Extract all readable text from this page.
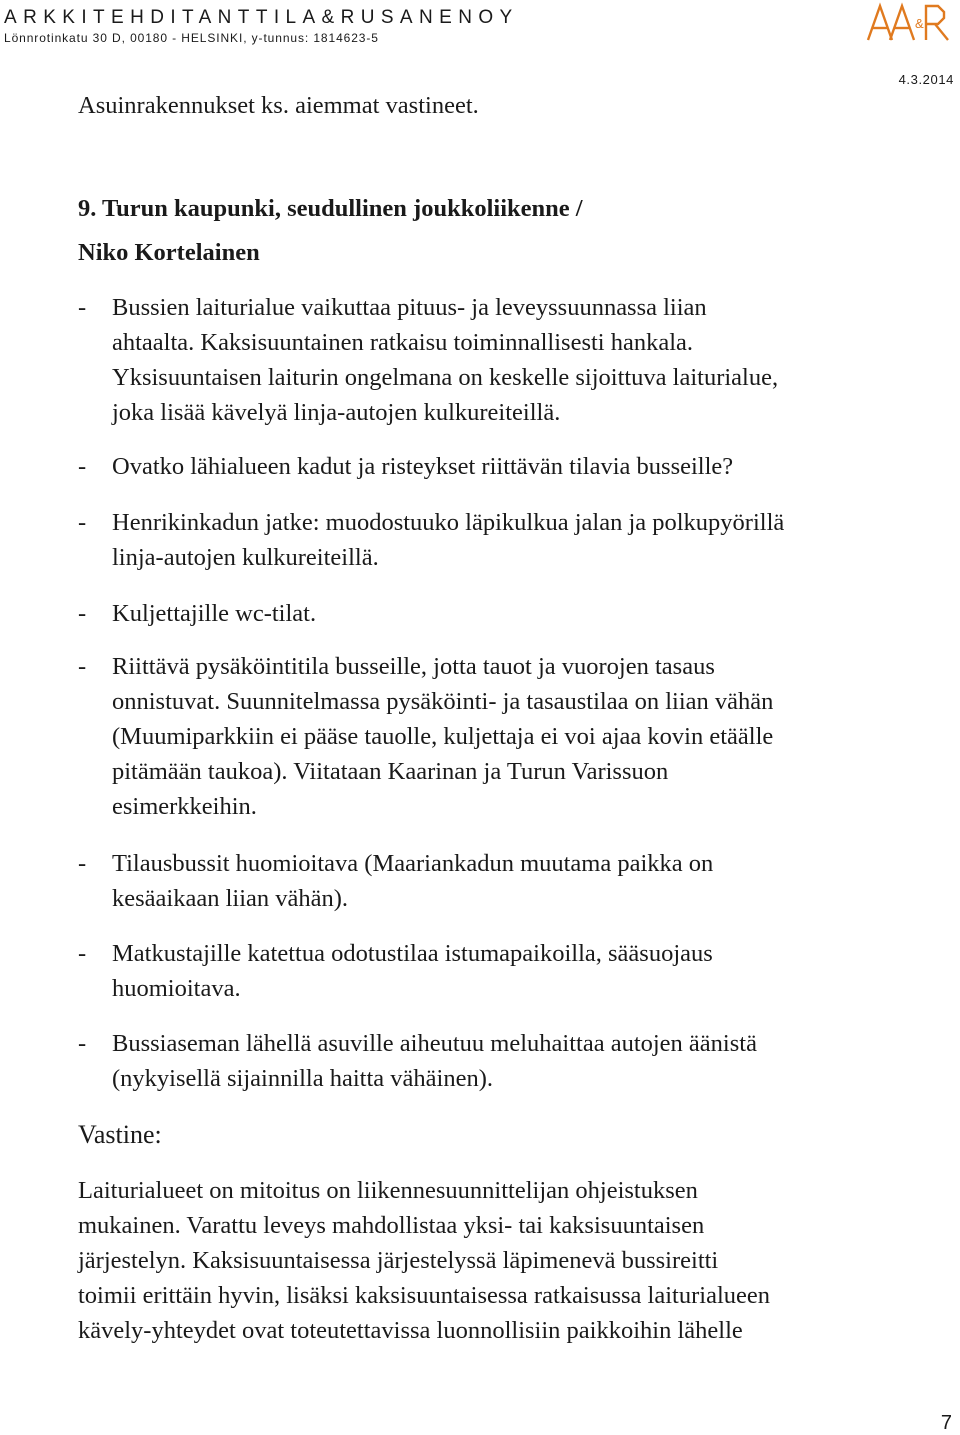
ARKKITEHDITANTTILA&RUSANENOY
Lönnrotinkatu 30 D, 00180 - HELSINKI, y-tunnus: 1814623-5
&
4.3.2014
Asuinrakennukset ks. aiemmat vastineet.
9. Turun kaupunki, seudullinen joukkoliikenne /
Niko Kortelainen
- Bussien laiturialue vaikuttaa pituus- ja leveyssuunnassa liian
ahtaalta. Kaksisuuntainen ratkaisu toiminnallisesti hankala.
Yksisuuntaisen laiturin ongelmana on keskelle sijoittuva laiturialue,
joka lisää kävelyä linja-autojen kulkureiteillä.
- Ovatko lähialueen kadut ja risteykset riittävän tilavia busseille?
- Henrikinkadun jatke: muodostuuko läpikulkua jalan ja polkupyörillä
linja-autojen kulkureiteillä.
- Kuljettajille wc-tilat.
- Riittävä pysäköintitila busseille, jotta tauot ja vuorojen tasaus
onnistuvat. Suunnitelmassa pysäköinti- ja tasaustilaa on liian vähän
(Muumiparkkiin ei pääse tauolle, kuljettaja ei voi ajaa kovin etäälle
pitämään taukoa). Viitataan Kaarinan ja Turun Varissuon
esimerkkeihin.
- Tilausbussit huomioitava (Maariankadun muutama paikka on
kesäaikaan liian vähän).
- Matkustajille katettua odotustilaa istumapaikoilla, sääsuojaus
huomioitava.
- Bussiaseman lähellä asuville aiheutuu meluhaittaa autojen äänistä
(nykyisellä sijainnilla haitta vähäinen).
Vastine:
Laiturialueet on mitoitus on liikennesuunnittelijan ohjeistuksen
mukainen. Varattu leveys mahdollistaa yksi- tai kaksisuuntaisen
järjestelyn. Kaksisuuntaisessa järjestelyssä läpimenevä bussireitti
toimii erittäin hyvin, lisäksi kaksisuuntaisessa ratkaisussa laiturialueen
kävely-yhteydet ovat toteutettavissa luonnollisiin paikkoihin lähelle
7
